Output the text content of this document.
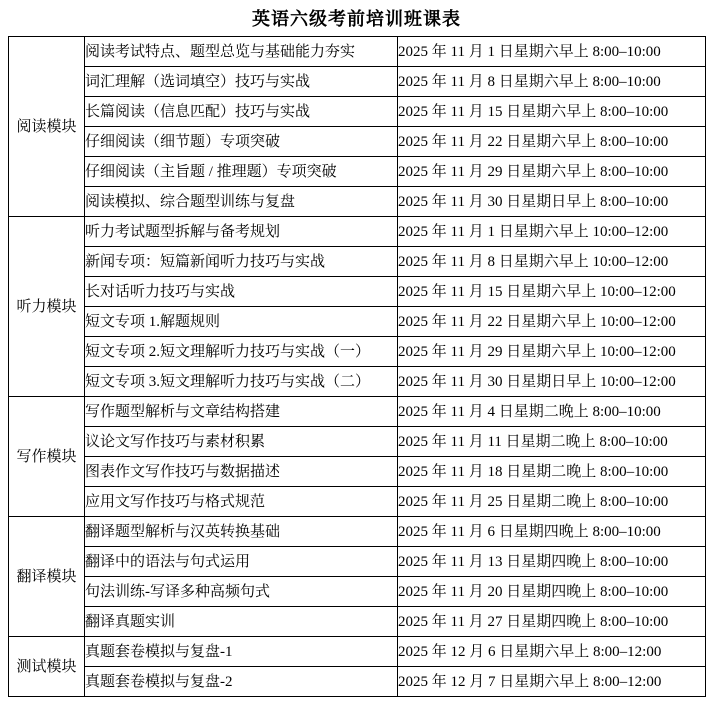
英语六级考前培训班课表
阅读模块	阅读考试特点、题型总览与基础能力夯实	2025 年 11 月 1 日星期六早上 8:00–10:00
	词汇理解（选词填空）技巧与实战	2025 年 11 月 8 日星期六早上 8:00–10:00
	长篇阅读（信息匹配）技巧与实战	2025 年 11 月 15 日星期六早上 8:00–10:00
	仔细阅读（细节题）专项突破	2025 年 11 月 22 日星期六早上 8:00–10:00
	仔细阅读（主旨题 / 推理题）专项突破	2025 年 11 月 29 日星期六早上 8:00–10:00
	阅读模拟、综合题型训练与复盘	2025 年 11 月 30 日星期日早上 8:00–10:00
听力模块	听力考试题型拆解与备考规划	2025 年 11 月 1 日星期六早上 10:00–12:00
	新闻专项：短篇新闻听力技巧与实战	2025 年 11 月 8 日星期六早上 10:00–12:00
	长对话听力技巧与实战	2025 年 11 月 15 日星期六早上 10:00–12:00
	短文专项 1.解题规则	2025 年 11 月 22 日星期六早上 10:00–12:00
	短文专项 2.短文理解听力技巧与实战（一）	2025 年 11 月 29 日星期六早上 10:00–12:00
	短文专项 3.短文理解听力技巧与实战（二）	2025 年 11 月 30 日星期日早上 10:00–12:00
写作模块	写作题型解析与文章结构搭建	2025 年 11 月 4 日星期二晚上 8:00–10:00
	议论文写作技巧与素材积累	2025 年 11 月 11 日星期二晚上 8:00–10:00
	图表作文写作技巧与数据描述	2025 年 11 月 18 日星期二晚上 8:00–10:00
	应用文写作技巧与格式规范	2025 年 11 月 25 日星期二晚上 8:00–10:00
翻译模块	翻译题型解析与汉英转换基础	2025 年 11 月 6 日星期四晚上 8:00–10:00
	翻译中的语法与句式运用	2025 年 11 月 13 日星期四晚上 8:00–10:00
	句法训练-写译多种高频句式	2025 年 11 月 20 日星期四晚上 8:00–10:00
	翻译真题实训	2025 年 11 月 27 日星期四晚上 8:00–10:00
测试模块	真题套卷模拟与复盘-1	2025 年 12 月 6 日星期六早上 8:00–12:00
	真题套卷模拟与复盘-2	2025 年 12 月 7 日星期六早上 8:00–12:00
